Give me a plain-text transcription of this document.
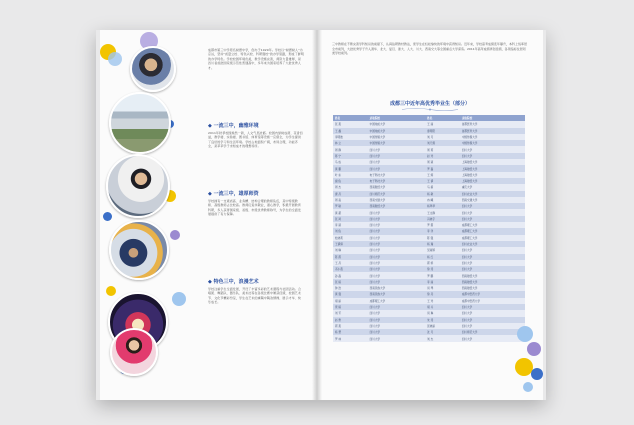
成都市第三中学原名树德中学，创办于1929年。学校以"树德树人"为宗旨，坚持"质量立校、特色兴校、科研强校"的办学思路，形成了鲜明的办学特色。学校校园环境优美，教学设施完善，师资力量雄厚，是四川省首批国家级示范性普通高中，多年来为国家培养了大批优秀人才。
◆ 一流三中，幽雅环境
2011年秋季校园焕然一新，人文气息浓郁。校园内绿树成荫、花香四溢，教学楼、实验楼、图书馆、体育馆等设施一应俱全，为学生提供了良好的学习和生活环境。学校占地面积广阔，布局合理，功能齐全，是莘莘学子求知成才的理想场所。
◆ 一流三中，雄厚师资
学校拥有一支素质高、业务精、结构合理的教师队伍，其中特级教师、高级教师占比较高。教师们爱岗敬业，潜心教学，积极开展教育科研，多人获得国家级、省级、市级优秀教师称号，为学生的全面发展提供了有力保障。
◆ 特色三中，浪漫艺术
学校注重学生全面发展，开设了丰富多彩的艺术课程与社团活动。合唱团、舞蹈队、器乐队、美术社等在各级比赛中屡获佳绩，校园艺术节、文化节精彩纷呈，学生在艺术的熏陶中陶冶情操、展示才华、快乐成长。
三中教师在不断完善学科知识的前提下，认真钻研教材教法，使学生在轻松愉快的环境中获得知识。近年来，学校高考成绩连年攀升，本科上线率居全市前列，大批优秀学子升入清华、北大、复旦、浙大、人大、川大、西南交大等全国重点大学深造。2011年高考成绩再创佳绩，各项指标位居同类学校前列。
成都三中近年高优秀毕业生（部分）
姓名	录取院校	姓名	录取院校
张 燕	中国地质大学	王 丽	首都医科大学
王 鑫	中国地质大学	康明阳	首都医科大学
李明皓	中国传媒大学	刘 月	中国传媒大学
林 立	中国传媒大学	刘天翔	中国传媒大学
周 静	四川大学	周 莉	四川大学
蒋 宁	四川大学	赵 玲	四川大学
马 成	四川大学	周 颖	上海财经大学
黄 鹏	四川大学	罗 磊	上海财经大学
叶 东	电子科技大学	王 婷	上海财经大学
谢 俊	电子科技大学	王 倩	上海财经大学
周 杰	西南财经大学	马 娟	重庆大学
唐 丹	四川师范大学	杨 敏	四川农业大学
周 淼	西南交通大学	冉 曦	西南交通大学
罗 敏	西南财经大学	杨翠翠	四川大学
黄 超	四川大学	王文静	四川大学
张 鸿	四川大学	冯晓宇	四川大学
李 颖	四川大学	罗 霞	成都理工大学
刘 俊	四川大学	李 洋	成都理工大学
杜晓莉	四川大学	陈 强	成都理工大学
王倩倩	四川大学	杨 瑞	四川农业大学
刘 琳	四川大学	吴雨婷	四川大学
陈 霞	四川大学	杨 红	四川大学
王 丹	四川大学	郭 娇	四川大学
邓小燕	四川大学	徐 涛	四川大学
孙 磊	四川大学	罗 鹏	西南财经大学
张 娟	四川大学	李 丽	西南财经大学
钟 浩	西南民族大学	何 琴	西南财经大学
黄 强	西南民族大学	徐 丹	成都中医药大学
胡 丽	成都理工大学	王 玲	成都中医药大学
贾 娟	四川大学	胡 兵	四川大学
刘 芳	四川大学	何 琳	四川大学
赵 勇	四川大学	朱 涛	四川大学
郭 燕	四川大学	张晓丽	四川大学
杨 慧	四川大学	沈 月	四川师范大学
罗 林	四川大学	刘 杰	四川大学
